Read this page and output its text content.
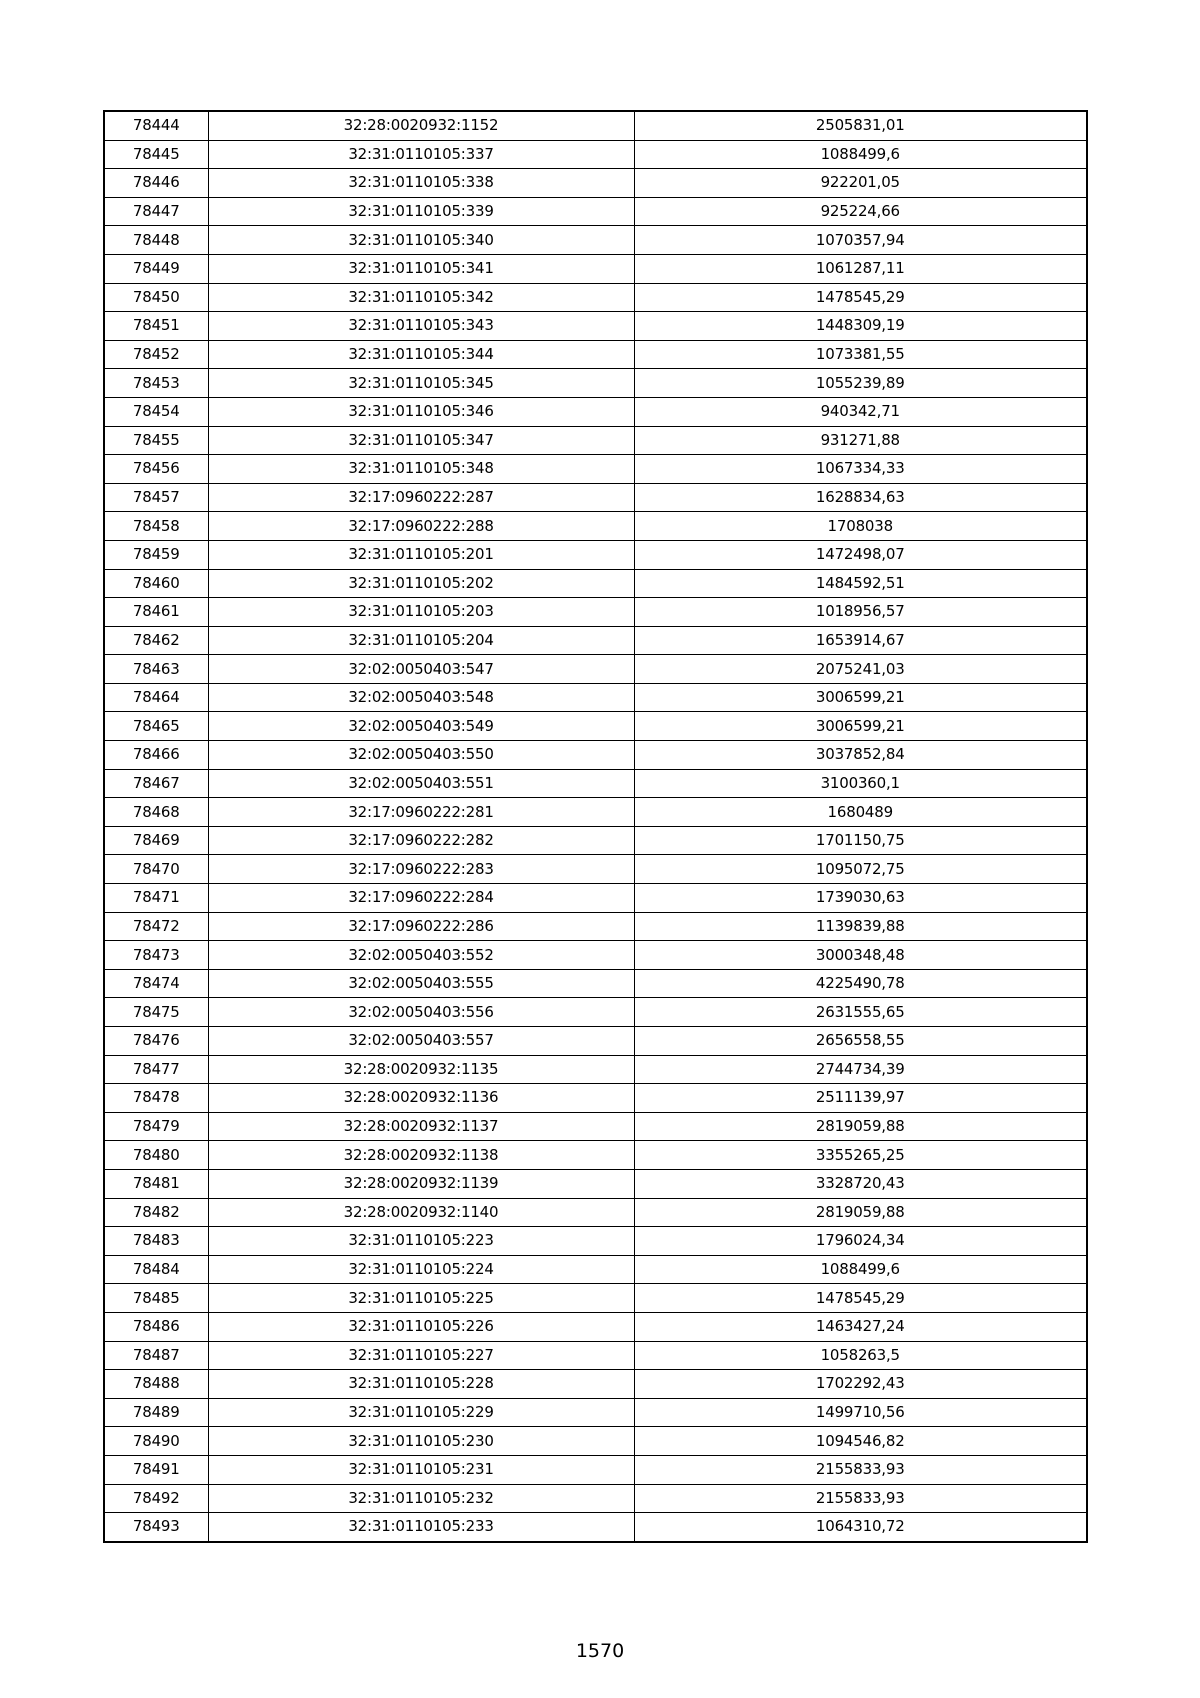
78444	32:28:0020932:1152	2505831,01
78445	32:31:0110105:337	1088499,6
78446	32:31:0110105:338	922201,05
78447	32:31:0110105:339	925224,66
78448	32:31:0110105:340	1070357,94
78449	32:31:0110105:341	1061287,11
78450	32:31:0110105:342	1478545,29
78451	32:31:0110105:343	1448309,19
78452	32:31:0110105:344	1073381,55
78453	32:31:0110105:345	1055239,89
78454	32:31:0110105:346	940342,71
78455	32:31:0110105:347	931271,88
78456	32:31:0110105:348	1067334,33
78457	32:17:0960222:287	1628834,63
78458	32:17:0960222:288	1708038
78459	32:31:0110105:201	1472498,07
78460	32:31:0110105:202	1484592,51
78461	32:31:0110105:203	1018956,57
78462	32:31:0110105:204	1653914,67
78463	32:02:0050403:547	2075241,03
78464	32:02:0050403:548	3006599,21
78465	32:02:0050403:549	3006599,21
78466	32:02:0050403:550	3037852,84
78467	32:02:0050403:551	3100360,1
78468	32:17:0960222:281	1680489
78469	32:17:0960222:282	1701150,75
78470	32:17:0960222:283	1095072,75
78471	32:17:0960222:284	1739030,63
78472	32:17:0960222:286	1139839,88
78473	32:02:0050403:552	3000348,48
78474	32:02:0050403:555	4225490,78
78475	32:02:0050403:556	2631555,65
78476	32:02:0050403:557	2656558,55
78477	32:28:0020932:1135	2744734,39
78478	32:28:0020932:1136	2511139,97
78479	32:28:0020932:1137	2819059,88
78480	32:28:0020932:1138	3355265,25
78481	32:28:0020932:1139	3328720,43
78482	32:28:0020932:1140	2819059,88
78483	32:31:0110105:223	1796024,34
78484	32:31:0110105:224	1088499,6
78485	32:31:0110105:225	1478545,29
78486	32:31:0110105:226	1463427,24
78487	32:31:0110105:227	1058263,5
78488	32:31:0110105:228	1702292,43
78489	32:31:0110105:229	1499710,56
78490	32:31:0110105:230	1094546,82
78491	32:31:0110105:231	2155833,93
78492	32:31:0110105:232	2155833,93
78493	32:31:0110105:233	1064310,72
1570
